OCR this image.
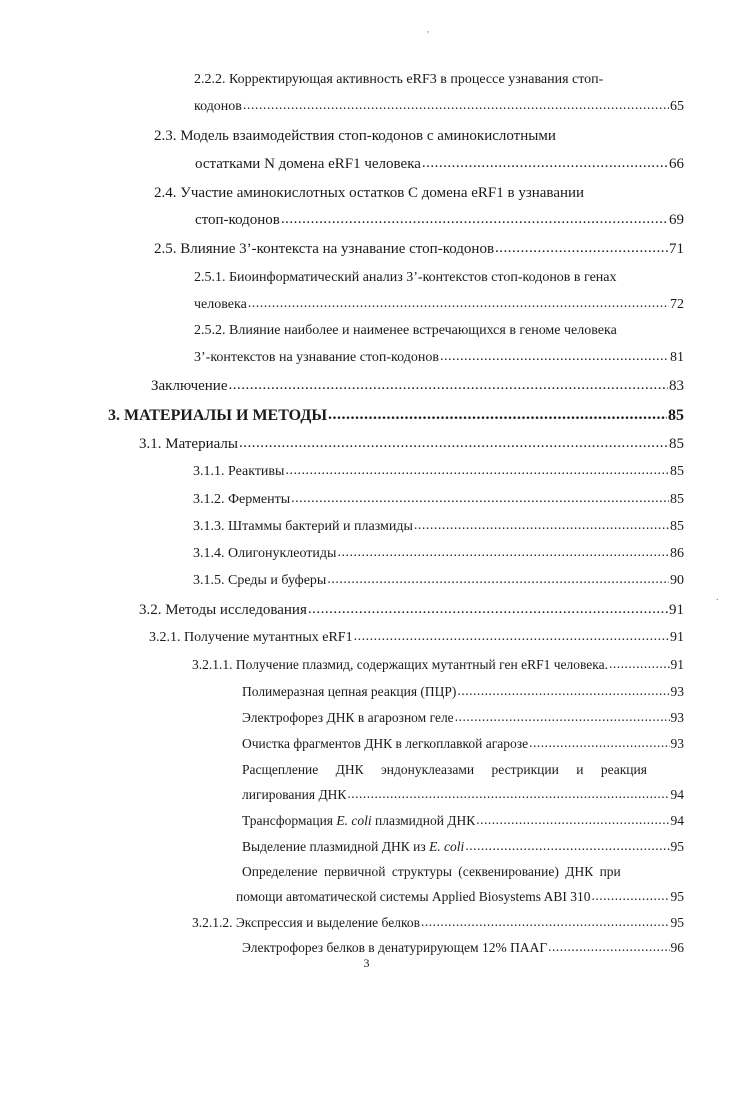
'
.
2.2.2. Корректирующая активность eRF3 в процессе узнавания стоп-
кодонов .....	65
2.3. Модель взаимодействия стоп-кодонов с аминокислотными
остатками N домена eRF1 человека .....	66
2.4. Участие аминокислотных остатков С домена eRF1 в узнавании
стоп-кодонов .....	69
2.5. Влияние 3’-контекста на узнавание стоп-кодонов .....	71
2.5.1. Биоинформатический анализ 3’-контекстов стоп-кодонов в генах
человека .....	72
2.5.2. Влияние наиболее и наименее встречающихся в геноме человека
3’-контекстов на узнавание стоп-кодонов .....	81
Заключение .....	83
3. МАТЕРИАЛЫ И МЕТОДЫ .....	85
3.1. Материалы .....	85
3.1.1. Реактивы .....	85
3.1.2. Ферменты .....	85
3.1.3. Штаммы бактерий и плазмиды .....	85
3.1.4. Олигонуклеотиды .....	86
3.1.5. Среды и буферы .....	90
3.2. Методы исследования .....	91
3.2.1. Получение мутантных eRF1 .....	91
3.2.1.1. Получение плазмид, содержащих мутантный ген eRF1 человека. .....	91
Полимеразная цепная реакция (ПЦР) .....	93
Электрофорез ДНК в агарозном геле .....	93
Очистка фрагментов ДНК в легкоплавкой агарозе .....	93
Расщепление ДНК эндонуклеазами рестрикции и реакция
лигирования ДНК .....	94
Трансформация E. coli плазмидной ДНК .....	94
Выделение плазмидной ДНК из E. coli .....	95
Определение первичной структуры (секвенирование) ДНК при
помощи автоматической системы Applied Biosystems ABI 310 .....	95
3.2.1.2. Экспрессия и выделение белков .....	95
Электрофорез белков в денатурирующем 12% ПААГ .....	96
3
